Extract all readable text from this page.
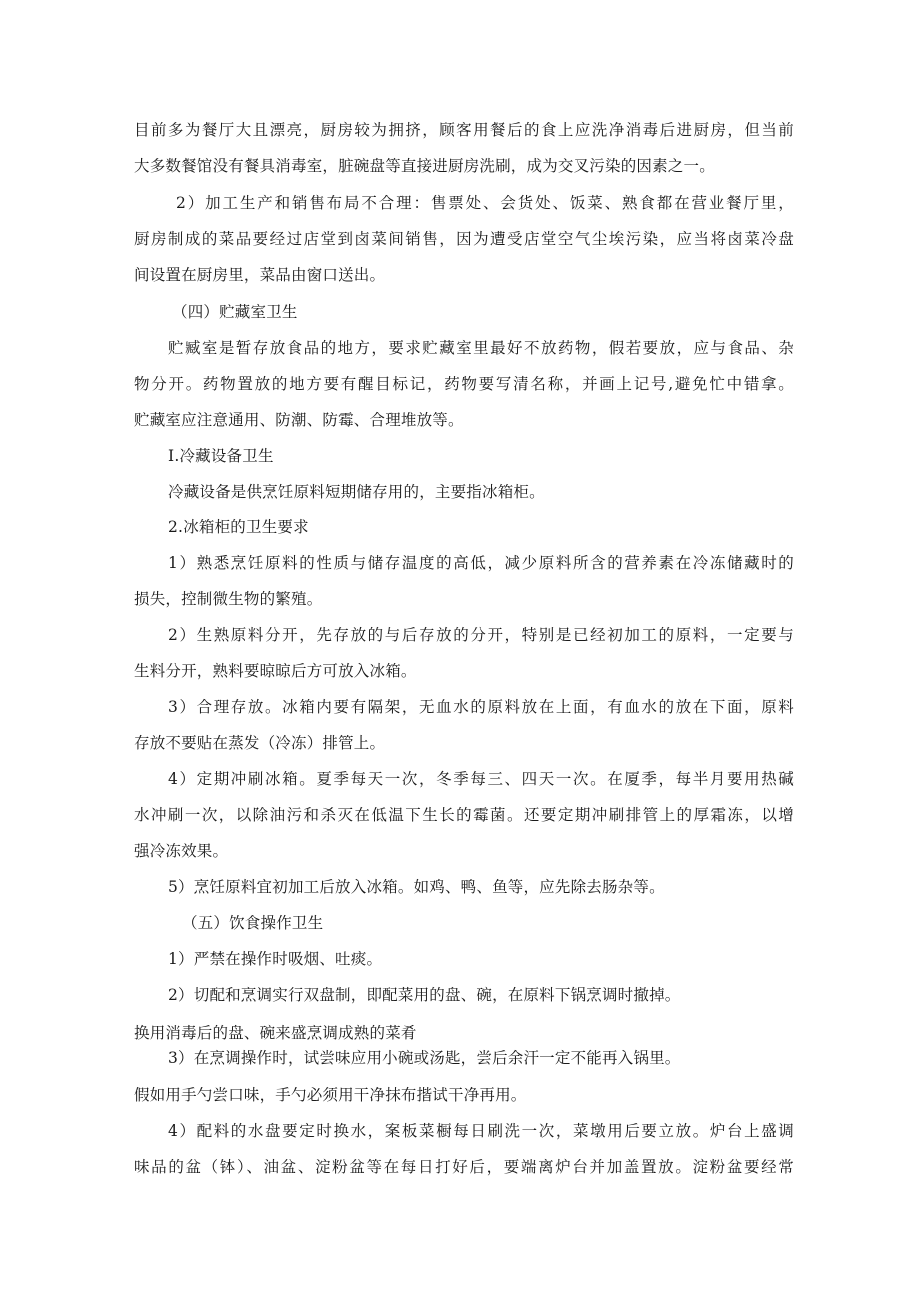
目前多为餐厅大且漂亮，厨房较为拥挤，顾客用餐后的食上应洗净消毒后进厨房，但当前
大多数餐馆没有餐具消毒室，脏碗盘等直接进厨房洗刷，成为交叉污染的因素之一。
2）加工生产和销售布局不合理：售票处、会货处、饭菜、熟食都在营业餐厅里，
厨房制成的菜品要经过店堂到卤菜间销售，因为遭受店堂空气尘埃污染，应当将卤菜冷盘
间设置在厨房里，菜品由窗口送出。
（四）贮藏室卫生
贮臧室是暂存放食品的地方，要求贮藏室里最好不放药物，假若要放，应与食品、杂
物分开。药物置放的地方要有醒目标记，药物要写清名称，并画上记号,避免忙中错拿。
贮藏室应注意通用、防潮、防霉、合理堆放等。
I.冷藏设备卫生
冷藏设备是供烹饪原料短期储存用的，主要指冰箱柜。
2.冰箱柜的卫生要求
1）熟悉烹饪原料的性质与储存温度的高低，减少原料所含的营养素在冷冻储藏时的
损失，控制微生物的繁殖。
2）生熟原料分开，先存放的与后存放的分开，特别是已经初加工的原料，一定要与
生料分开，熟料要晾晾后方可放入冰箱。
3）合理存放。冰箱内要有隔架，无血水的原料放在上面，有血水的放在下面，原料
存放不要贴在蒸发（冷冻）排管上。
4）定期冲刷冰箱。夏季每天一次，冬季每三、四天一次。在厦季，每半月要用热碱
水冲刷一次，以除油污和杀灭在低温下生长的霉菌。还要定期冲刷排管上的厚霜冻，以增
强冷冻效果。
5）烹饪原料宜初加工后放入冰箱。如鸡、鸭、鱼等，应先除去肠杂等。
（五）饮食操作卫生
1）严禁在操作时吸烟、吐痰。
2）切配和烹调实行双盘制，即配菜用的盘、碗，在原料下锅烹调时撤掉。
换用消毒后的盘、碗来盛烹调成熟的菜肴
3）在烹调操作时，试尝味应用小碗或汤匙，尝后余汗一定不能再入锅里。
假如用手勺尝口味，手勺必须用干净抹布揩试干净再用。
4）配料的水盘要定时换水，案板菜橱每日刷洗一次，菜墩用后要立放。炉台上盛调
味品的盆（钵）、油盆、淀粉盆等在每日打好后，要端离炉台并加盖置放。淀粉盆要经常
